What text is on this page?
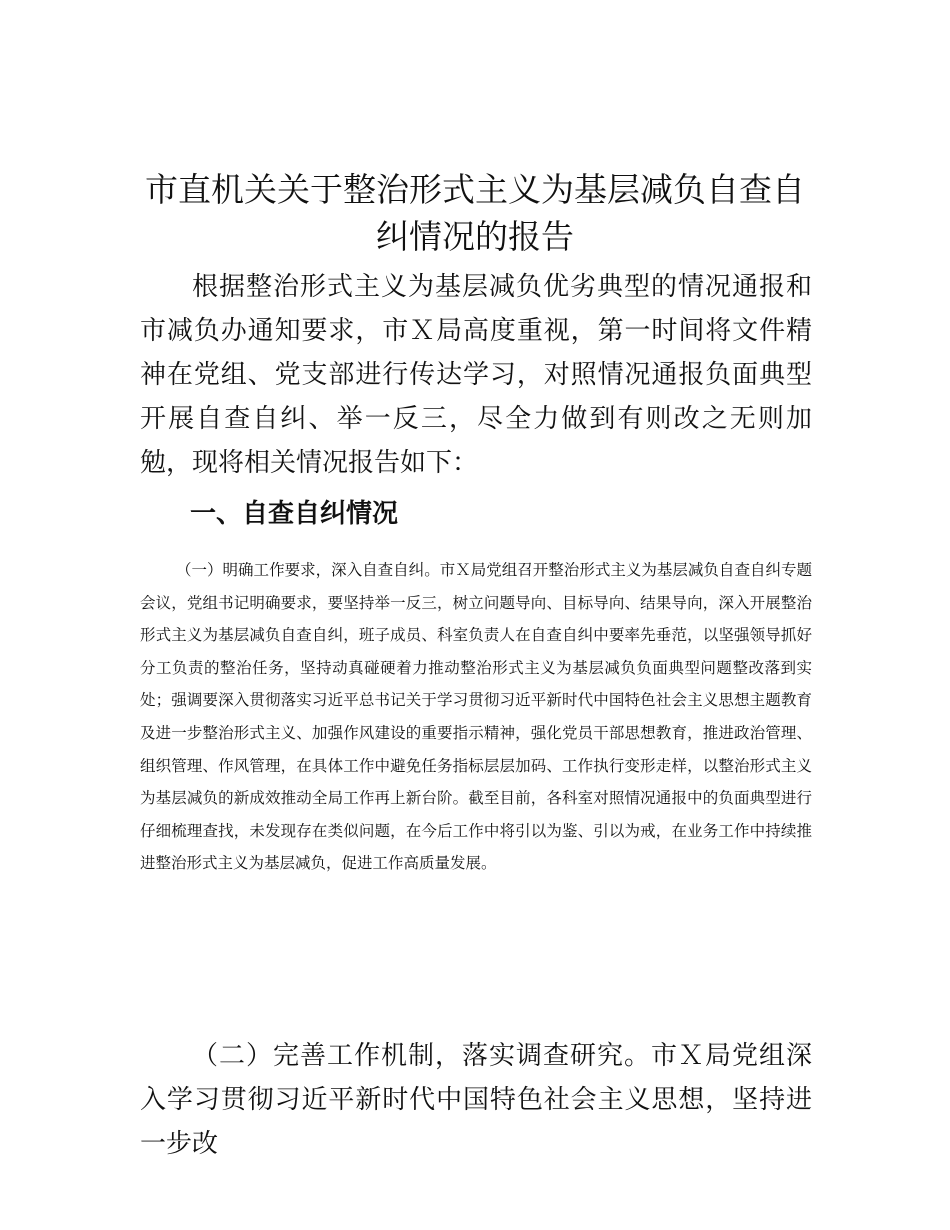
市直机关关于整治形式主义为基层减负自查自纠情况的报告

根据整治形式主义为基层减负优劣典型的情况通报和市减负办通知要求，市Ｘ局高度重视，第一时间将文件精神在党组、党支部进行传达学习，对照情况通报负面典型开展自查自纠、举一反三，尽全力做到有则改之无则加勉，现将相关情况报告如下：

一、自查自纠情况

（一）明确工作要求，深入自查自纠。市Ｘ局党组召开整治形式主义为基层减负自查自纠专题会议，党组书记明确要求，要坚持举一反三，树立问题导向、目标导向、结果导向，深入开展整治形式主义为基层减负自查自纠，班子成员、科室负责人在自查自纠中要率先垂范，以坚强领导抓好分工负责的整治任务，坚持动真碰硬着力推动整治形式主义为基层减负负面典型问题整改落到实处；强调要深入贯彻落实习近平总书记关于学习贯彻习近平新时代中国特色社会主义思想主题教育及进一步整治形式主义、加强作风建设的重要指示精神，强化党员干部思想教育，推进政治管理、组织管理、作风管理，在具体工作中避免任务指标层层加码、工作执行变形走样，以整治形式主义为基层减负的新成效推动全局工作再上新台阶。截至目前，各科室对照情况通报中的负面典型进行仔细梳理查找，未发现存在类似问题，在今后工作中将引以为鉴、引以为戒，在业务工作中持续推进整治形式主义为基层减负，促进工作高质量发展。

（二）完善工作机制，落实调查研究。市Ｘ局党组深入学习贯彻习近平新时代中国特色社会主义思想，坚持进一步改
